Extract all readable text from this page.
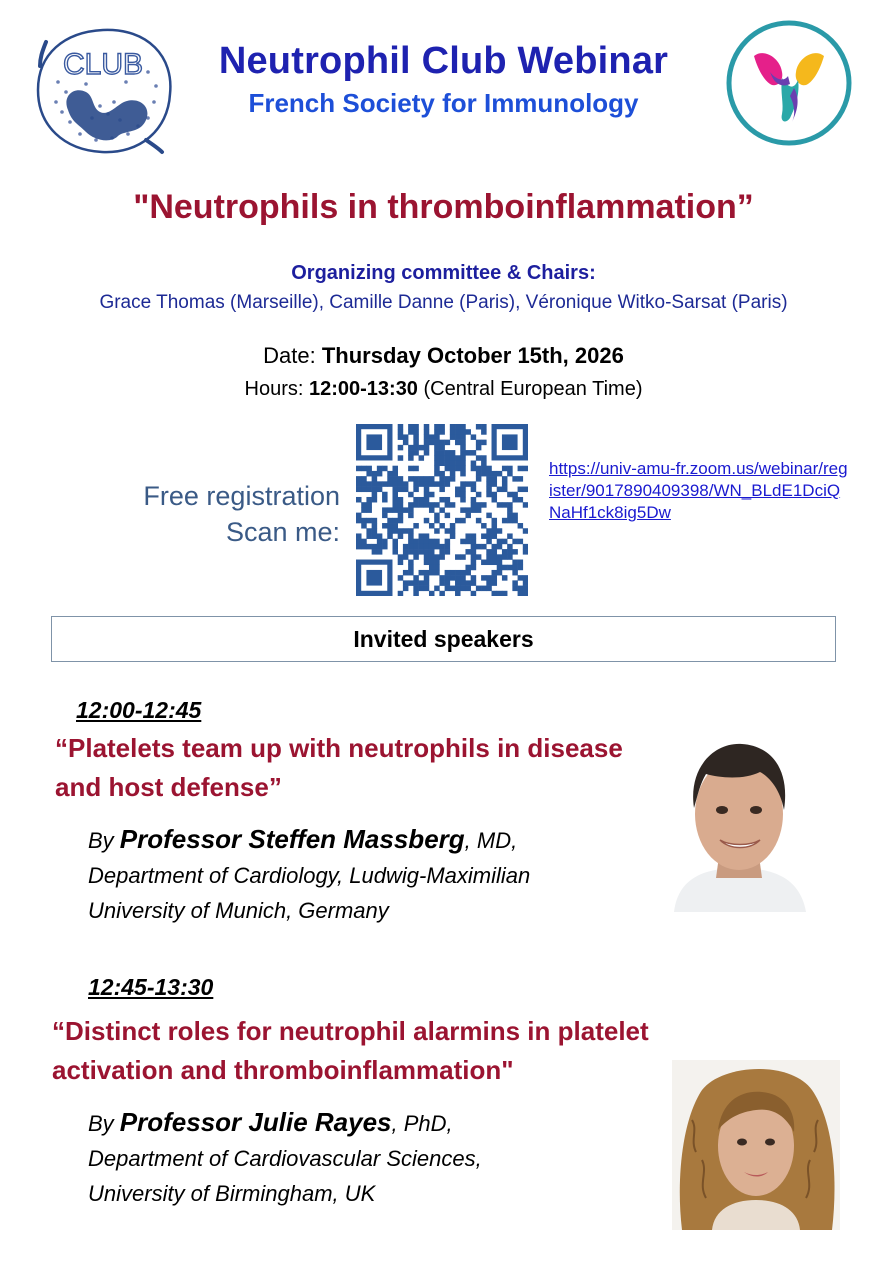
CLUB	Neutrophil Club Webinar
French Society for Immunology
"Neutrophils in thromboinflammation”
Organizing committee & Chairs:
Grace Thomas (Marseille), Camille Danne (Paris), Véronique Witko-Sarsat (Paris)
Date: Thursday October 15th, 2026
Hours: 12:00-13:30 (Central European Time)
Free registration
Scan me:
https://univ-amu-fr.zoom.us/webinar/register/9017890409398/WN_BLdE1DciQNaHf1ck8ig5Dw
Invited speakers
12:00-12:45
“Platelets team up with neutrophils in disease and host defense”
By Professor Steffen Massberg, MD,
Department of Cardiology, Ludwig-Maximilian
University of Munich, Germany
12:45-13:30
“Distinct roles for neutrophil alarmins in platelet activation and thromboinflammation"
By Professor Julie Rayes, PhD,
Department of Cardiovascular Sciences,
University of Birmingham, UK
